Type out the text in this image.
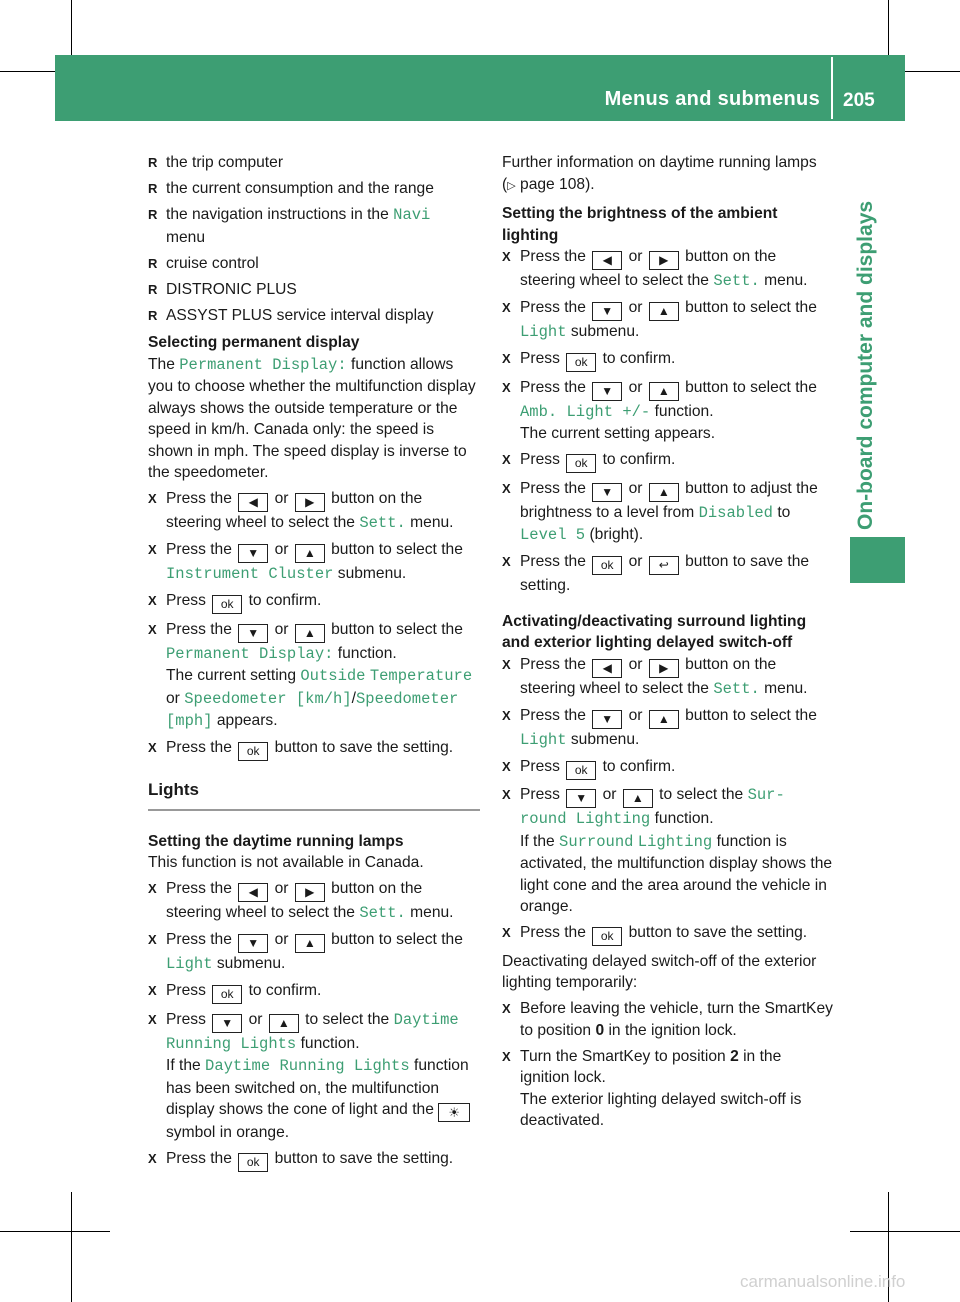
Menus and submenus 205
On-board computer and displays
R the trip computer
R the current consumption and the range
R the navigation instructions in the Navi
menu
R cruise control
R DISTRONIC PLUS
R ASSYST PLUS service interval display
Selecting permanent display
The Permanent Display: function allows you to choose whether the multifunction display always shows the outside temperature or the speed in km/h. Canada only: the speed is shown in mph. The speed display is inverse to the speedometer.
X Press the ◀ or ▶ button on the steering wheel to select the Sett. menu.
X Press the ▼ or ▲ button to select the Instrument Cluster submenu.
X Press ok to confirm.
X Press the ▼ or ▲ button to select the Permanent Display: function.
The current setting Outside Temperature or Speedometer [km/h]/Speedometer [mph] appears.
X Press the ok button to save the setting.
Lights
Setting the daytime running lamps
This function is not available in Canada.
X Press the ◀ or ▶ button on the steering wheel to select the Sett. menu.
X Press the ▼ or ▲ button to select the Light submenu.
X Press ok to confirm.
X Press ▼ or ▲ to select the Daytime Running Lights function.
If the Daytime Running Lights function has been switched on, the multifunction display shows the cone of light and the ☀ symbol in orange.
X Press the ok button to save the setting.
Further information on daytime running lamps (▷ page 108).
Setting the brightness of the ambient lighting
X Press the ◀ or ▶ button on the steering wheel to select the Sett. menu.
X Press the ▼ or ▲ button to select the Light submenu.
X Press ok to confirm.
X Press the ▼ or ▲ button to select the Amb. Light +/- function.
The current setting appears.
X Press ok to confirm.
X Press the ▼ or ▲ button to adjust the brightness to a level from Disabled to Level 5 (bright).
X Press the ok or ↩ button to save the setting.
Activating/deactivating surround lighting and exterior lighting delayed switch-off
X Press the ◀ or ▶ button on the steering wheel to select the Sett. menu.
X Press the ▼ or ▲ button to select the Light submenu.
X Press ok to confirm.
X Press ▼ or ▲ to select the Sur-
round Lighting function.
If the Surround Lighting function is activated, the multifunction display shows the light cone and the area around the vehicle in orange.
X Press the ok button to save the setting.
Deactivating delayed switch-off of the exterior lighting temporarily:
X Before leaving the vehicle, turn the SmartKey to position 0 in the ignition lock.
X Turn the SmartKey to position 2 in the ignition lock.
The exterior lighting delayed switch-off is deactivated.
carmanualsonline.info
